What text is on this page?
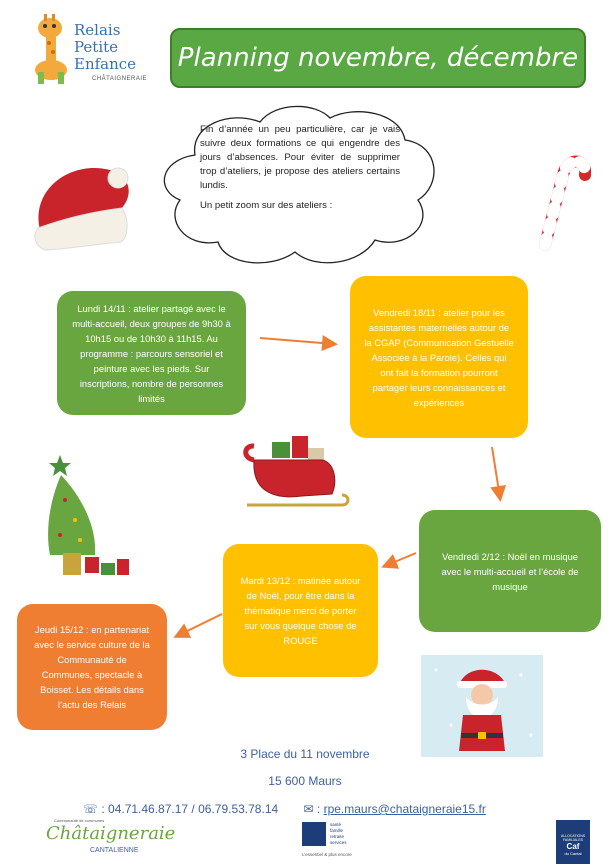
Relais
Petite
Enfance
CHÂTAIGNERAIE
Planning novembre, décembre

Fin d’année un peu particulière, car je vais suivre deux formations ce qui engendre des jours d’absences. Pour éviter de supprimer trop d’ateliers, je propose des ateliers certains lundis.

Un petit zoom sur des ateliers :

Lundi 14/11 : atelier partagé avec le multi-accueil, deux groupes de 9h30 à 10h15 ou de 10h30 à 11h15. Au programme : parcours sensoriel et peinture avec les pieds. Sur inscriptions, nombre de personnes limités
Vendredi 18/11 : atelier pour les assistantes maternelles autour de la CGAP (Communication Gestuelle Associée à la Parole). Celles qui ont fait la formation pourront partager leurs connaissances et expériences
Vendredi 2/12 : Noël en musique avec le multi-accueil et l’école de musique
Mardi 13/12 : matinée autour de Noël, pour être dans la thématique merci de porter sur vous queique chose de ROUGE
Jeudi 15/12 : en partenariat avec le service culture de la Communauté de Communes, spectacle à Boisset. Les détails dans l’actu des Relais
3 Place du 11 novembre
15 600 Maurs
☏ : 04.71.46.87.17 / 06.79.53.78.14 ✉ : rpe.maurs@chataigneraie15.fr
Communauté de communes
Châtaigneraie
CANTALIENNE
santé
famille
retraite
services
L’essentiel & plus encore
ALLOCATIONS
FAMILIALES
Caf
du Cantal
